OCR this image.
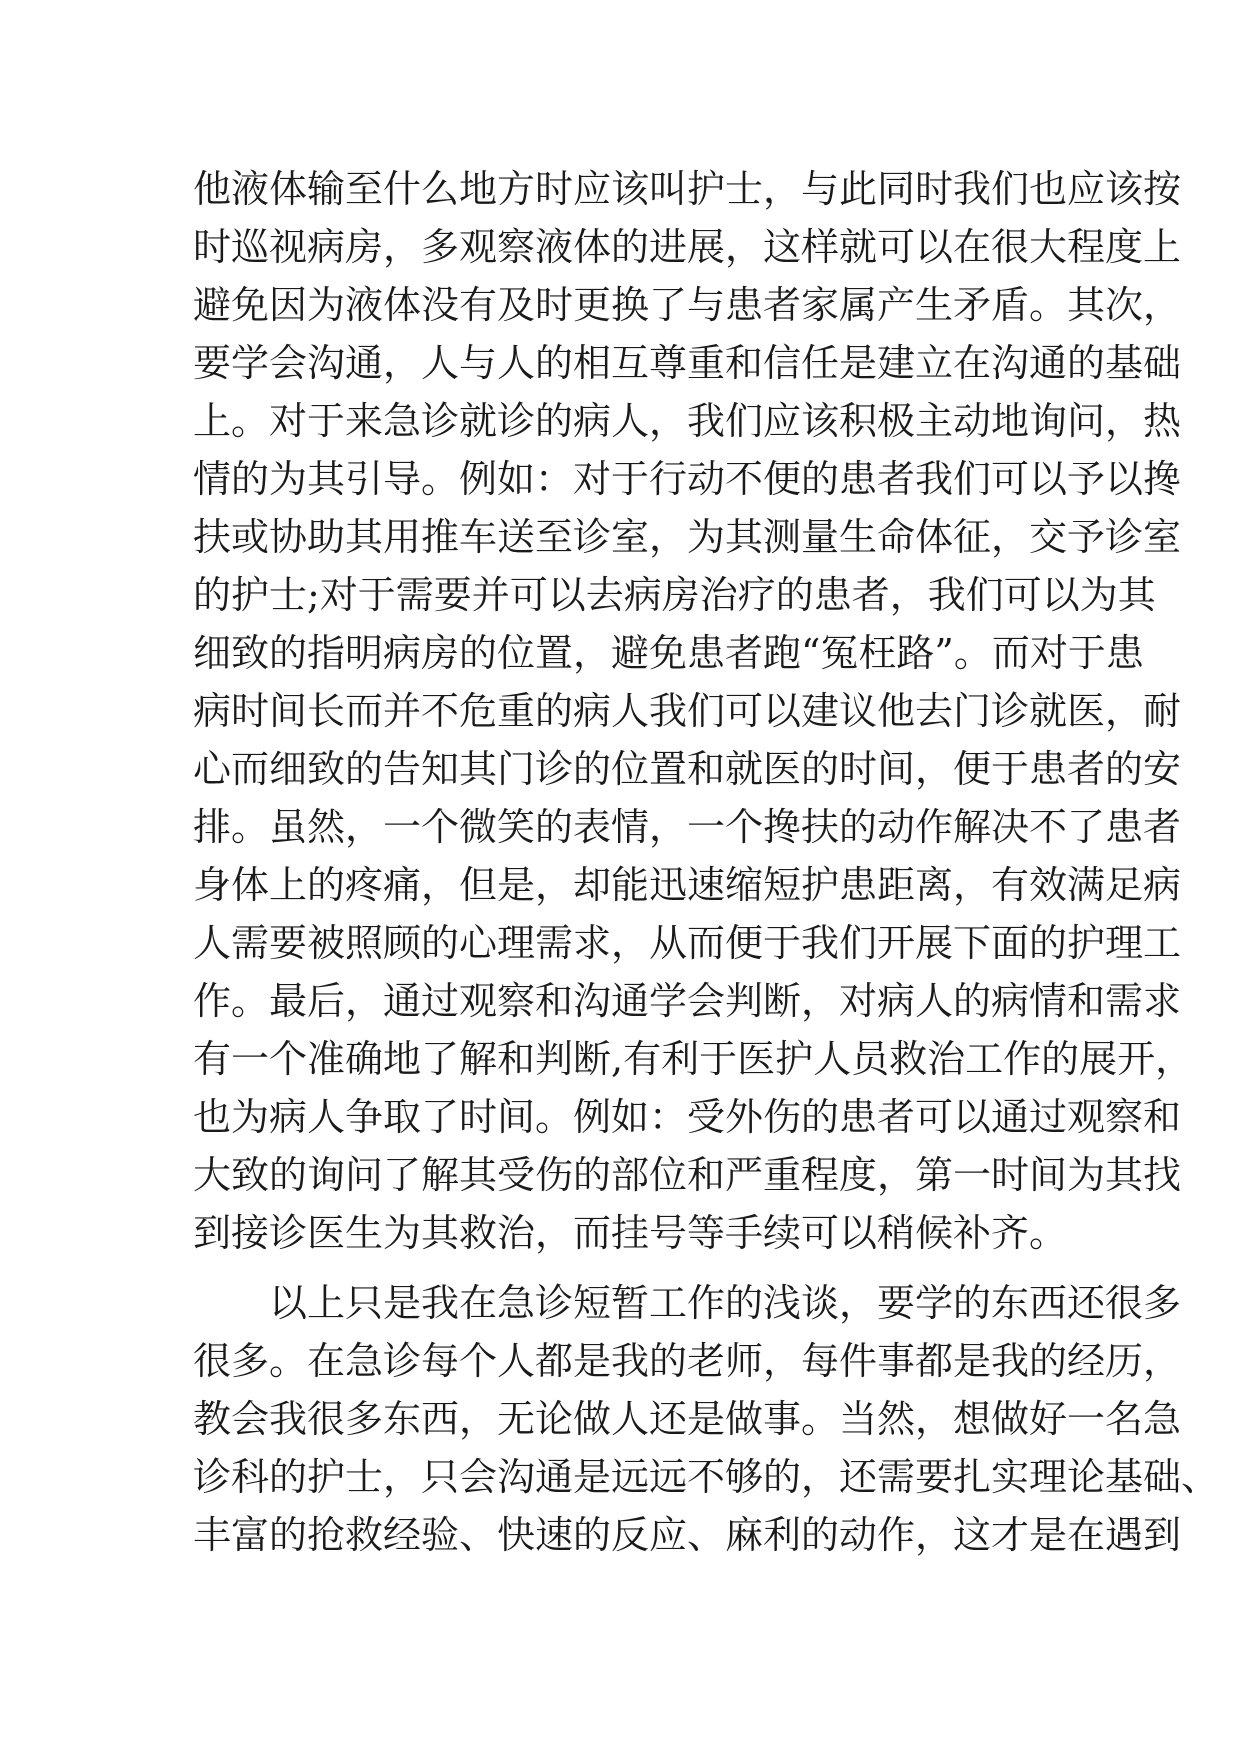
他液体输至什么地方时应该叫护士，与此同时我们也应该按
时巡视病房，多观察液体的进展，这样就可以在很大程度上
避免因为液体没有及时更换了与患者家属产生矛盾。其次，
要学会沟通，人与人的相互尊重和信任是建立在沟通的基础
上。对于来急诊就诊的病人，我们应该积极主动地询问，热
情的为其引导。例如：对于行动不便的患者我们可以予以搀
扶或协助其用推车送至诊室，为其测量生命体征，交予诊室
的护士;对于需要并可以去病房治疗的患者，我们可以为其
细致的指明病房的位置，避免患者跑“冤枉路”。而对于患
病时间长而并不危重的病人我们可以建议他去门诊就医，耐
心而细致的告知其门诊的位置和就医的时间，便于患者的安
排。虽然，一个微笑的表情，一个搀扶的动作解决不了患者
身体上的疼痛，但是，却能迅速缩短护患距离，有效满足病
人需要被照顾的心理需求，从而便于我们开展下面的护理工
作。最后，通过观察和沟通学会判断，对病人的病情和需求
有一个准确地了解和判断,有利于医护人员救治工作的展开，
也为病人争取了时间。例如：受外伤的患者可以通过观察和
大致的询问了解其受伤的部位和严重程度，第一时间为其找
到接诊医生为其救治，而挂号等手续可以稍候补齐。
以上只是我在急诊短暂工作的浅谈，要学的东西还很多
很多。在急诊每个人都是我的老师，每件事都是我的经历，
教会我很多东西，无论做人还是做事。当然，想做好一名急
诊科的护士，只会沟通是远远不够的，还需要扎实理论基础、
丰富的抢救经验、快速的反应、麻利的动作，这才是在遇到
